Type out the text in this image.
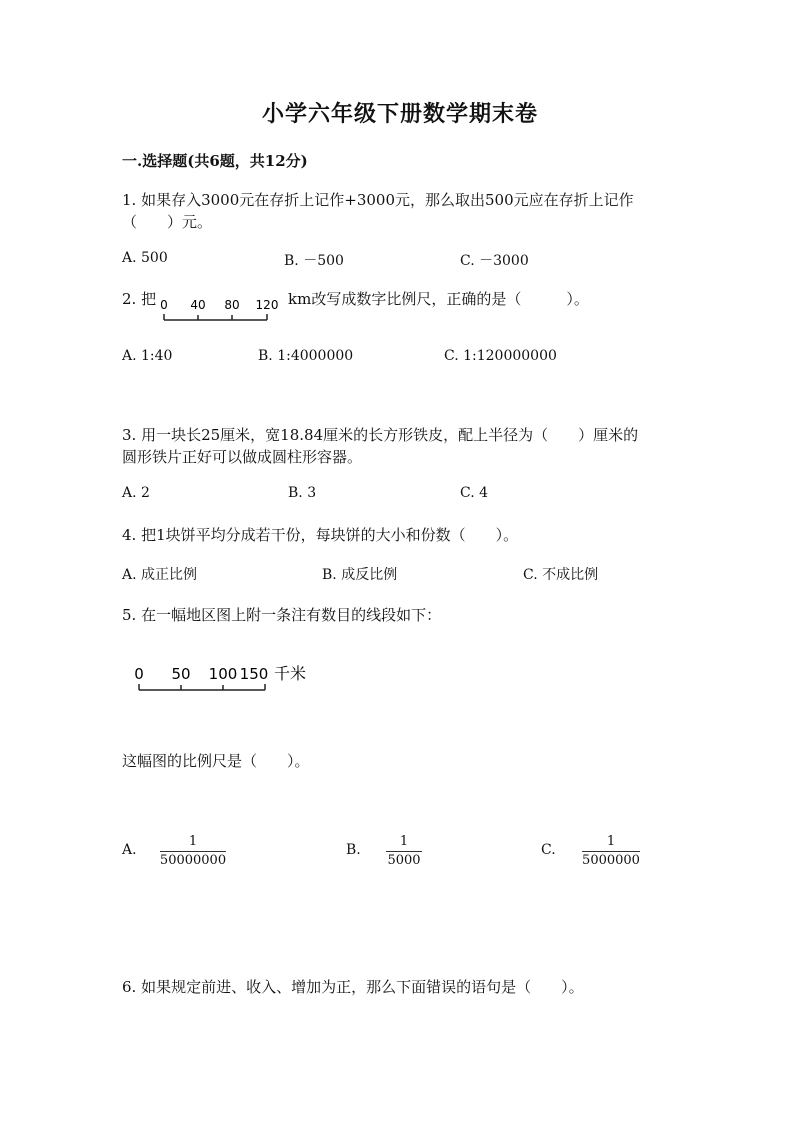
小学六年级下册数学期末卷
一.选择题(共6题，共12分)
1. 如果存入3000元在存折上记作+3000元，那么取出500元应在存折上记作
（　　）元。
A. 500	B. －500	C. －3000
2. 把 0 40 80 120 km改写成数字比例尺，正确的是（　　　）。
A. 1:40	B. 1:4000000	C. 1:120000000
3. 用一块长25厘米，宽18.84厘米的长方形铁皮，配上半径为（　　）厘米的
圆形铁片正好可以做成圆柱形容器。
A. 2	B. 3	C. 4
4. 把1块饼平均分成若干份，每块饼的大小和份数（　　）。
A. 成正比例	B. 成反比例	C. 不成比例
5. 在一幅地区图上附一条注有数目的线段如下：
0 50 100 150 千米
这幅图的比例尺是（　　）。
A.
1
50000000
B.
1
5000
C.
1
5000000
6. 如果规定前进、收入、增加为正，那么下面错误的语句是（　　）。
